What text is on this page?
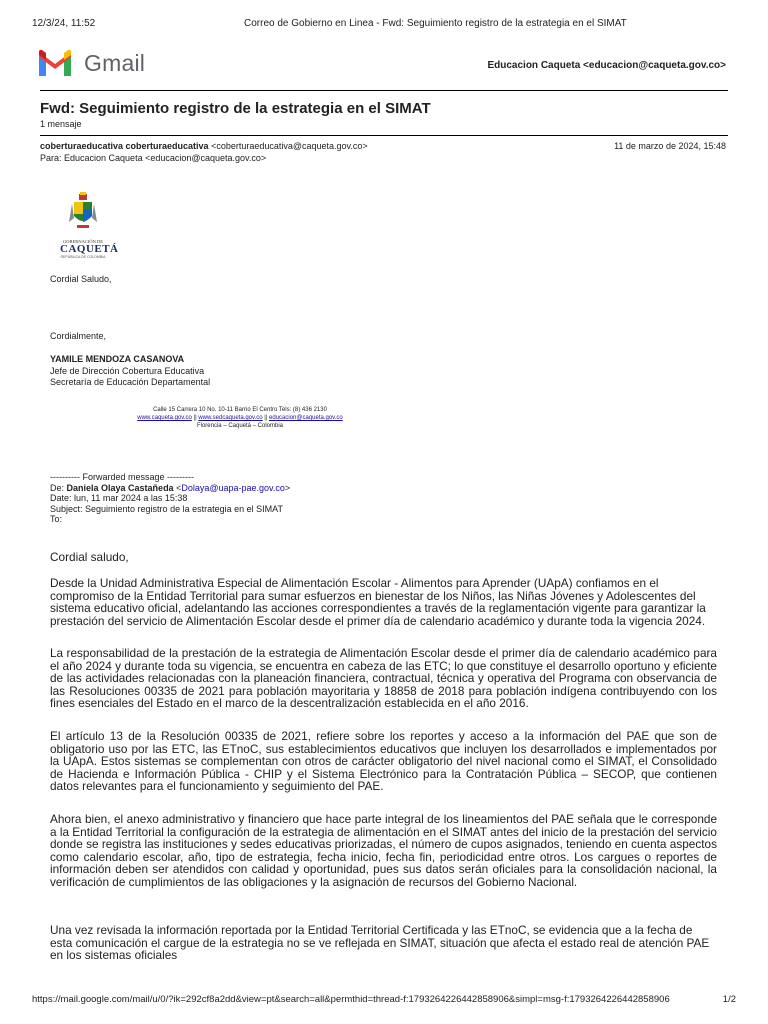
12/3/24, 11:52	Correo de Gobierno en Linea - Fwd: Seguimiento registro de la estrategia en el SIMAT
Gmail	Educacion Caqueta <educacion@caqueta.gov.co>
Fwd: Seguimiento registro de la estrategia en el SIMAT
1 mensaje
coberturaeducativa coberturaeducativa <coberturaeducativa@caqueta.gov.co>	11 de marzo de 2024, 15:48
Para: Educacion Caqueta <educacion@caqueta.gov.co>
GOBERNACIÓN DE
CAQUETÁ
REPÚBLICA DE COLOMBIA
Cordial Saludo,
Cordialmente,
YAMILE MENDOZA CASANOVA
Jefe de Dirección Cobertura Educativa
Secretaría de Educación Departamental
Calle 15 Carrera 10 No. 10-11 Barrio El Centro Tels: (8) 436 2130
www.caqueta.gov.co || www.sedcaqueta.gov.co || educacion@caqueta.gov.co
Florencia – Caquetá – Colombia
---------- Forwarded message ---------
De: Daniela Olaya Castañeda <Dolaya@uapa-pae.gov.co>
Date: lun, 11 mar 2024 a las 15:38
Subject: Seguimiento registro de la estrategia en el SIMAT
To:

Cordial saludo,

Desde la Unidad Administrativa Especial de Alimentación Escolar - Alimentos para Aprender (UApA) confiamos en el compromiso de la Entidad Territorial para sumar esfuerzos en bienestar de los Niños, las Niñas Jóvenes y Adolescentes del sistema educativo oficial, adelantando las acciones correspondientes a través de la reglamentación vigente para garantizar la prestación del servicio de Alimentación Escolar desde el primer día de calendario académico y durante toda la vigencia 2024.

La responsabilidad de la prestación de la estrategia de Alimentación Escolar desde el primer día de calendario académico para el año 2024 y durante toda su vigencia, se encuentra en cabeza de las ETC; lo que constituye el desarrollo oportuno y eficiente de las actividades relacionadas con la planeación financiera, contractual, técnica y operativa del Programa con observancia de las Resoluciones 00335 de 2021 para población mayoritaria y 18858 de 2018 para población indígena contribuyendo con los fines esenciales del Estado en el marco de la descentralización establecida en el año 2016.

El artículo 13 de la Resolución 00335 de 2021, refiere sobre los reportes y acceso a la información del PAE que son de obligatorio uso por las ETC, las ETnoC, sus establecimientos educativos que incluyen los desarrollados e implementados por la UApA. Estos sistemas se complementan con otros de carácter obligatorio del nivel nacional como el SIMAT, el Consolidado de Hacienda e Información Pública - CHIP y el Sistema Electrónico para la Contratación Pública – SECOP, que contienen datos relevantes para el funcionamiento y seguimiento del PAE.

Ahora bien, el anexo administrativo y financiero que hace parte integral de los lineamientos del PAE señala que le corresponde a la Entidad Territorial la configuración de la estrategia de alimentación en el SIMAT antes del inicio de la prestación del servicio donde se registra las instituciones y sedes educativas priorizadas, el número de cupos asignados, teniendo en cuenta aspectos como calendario escolar, año, tipo de estrategia, fecha inicio, fecha fin, periodicidad entre otros. Los cargues o reportes de información deben ser atendidos con calidad y oportunidad, pues sus datos serán oficiales para la consolidación nacional, la verificación de cumplimientos de las obligaciones y la asignación de recursos del Gobierno Nacional.

Una vez revisada la información reportada por la Entidad Territorial Certificada y las ETnoC, se evidencia que a la fecha de esta comunicación el cargue de la estrategia no se ve reflejada en SIMAT, situación que afecta el estado real de atención PAE en los sistemas oficiales

https://mail.google.com/mail/u/0/?ik=292cf8a2dd&view=pt&search=all&permthid=thread-f:1793264226442858906&simpl=msg-f:1793264226442858906	1/2
